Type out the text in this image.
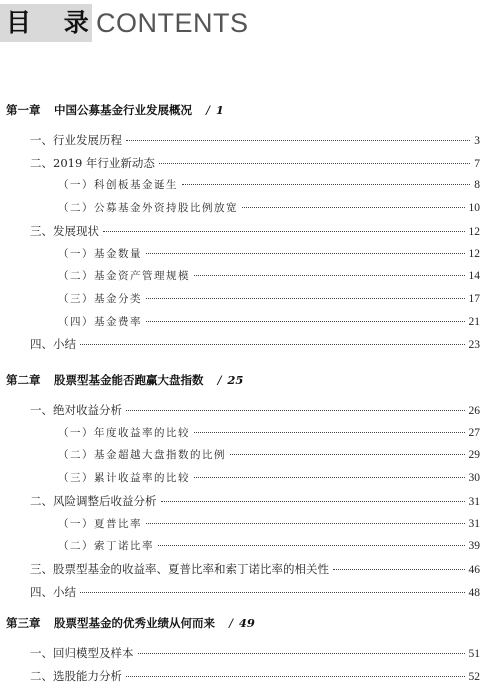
目 录
CONTENTS
第一章 中国公募基金行业发展概况 / 1
一、行业发展历程	3
二、2019 年行业新动态	7
（一）科创板基金诞生	8
（二）公募基金外资持股比例放宽	10
三、发展现状	12
（一）基金数量	12
（二）基金资产管理规模	14
（三）基金分类	17
（四）基金费率	21
四、小结	23
第二章 股票型基金能否跑赢大盘指数 / 25
一、绝对收益分析	26
（一）年度收益率的比较	27
（二）基金超越大盘指数的比例	29
（三）累计收益率的比较	30
二、风险调整后收益分析	31
（一）夏普比率	31
（二）索丁诺比率	39
三、股票型基金的收益率、夏普比率和索丁诺比率的相关性	46
四、小结	48
第三章 股票型基金的优秀业绩从何而来 / 49
一、回归模型及样本	51
二、选股能力分析	52
